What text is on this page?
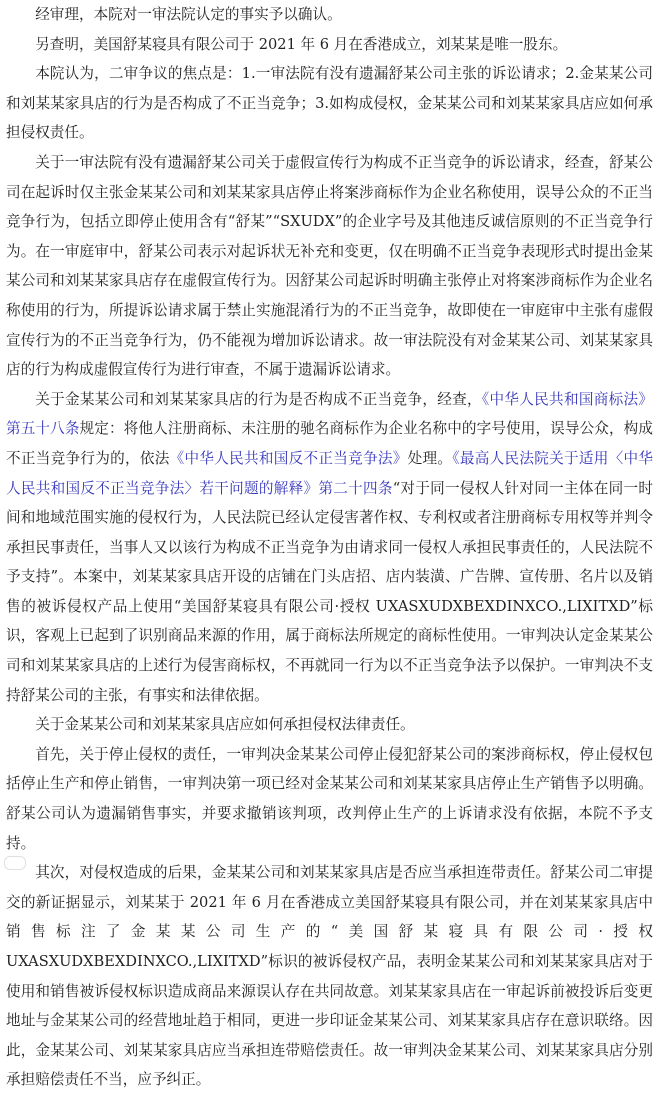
经审理，本院对一审法院认定的事实予以确认。

另查明，美国舒某寝具有限公司于 2021 年 6 月在香港成立，刘某某是唯一股东。

本院认为，二审争议的焦点是：1.一审法院有没有遗漏舒某公司主张的诉讼请求；2.金某某公司和刘某某家具店的行为是否构成了不正当竞争；3.如构成侵权，金某某公司和刘某某家具店应如何承担侵权责任。

关于一审法院有没有遗漏舒某公司关于虚假宣传行为构成不正当竞争的诉讼请求，经查，舒某公司在起诉时仅主张金某某公司和刘某某家具店停止将案涉商标作为企业名称使用，误导公众的不正当竞争行为，包括立即停止使用含有“舒某”“SXUDX”的企业字号及其他违反诚信原则的不正当竞争行为。在一审庭审中，舒某公司表示对起诉状无补充和变更，仅在明确不正当竞争表现形式时提出金某某公司和刘某某家具店存在虚假宣传行为。因舒某公司起诉时明确主张停止对将案涉商标作为企业名称使用的行为，所提诉讼请求属于禁止实施混淆行为的不正当竞争，故即使在一审庭审中主张有虚假宣传行为的不正当竞争行为，仍不能视为增加诉讼请求。故一审法院没有对金某某公司、刘某某家具店的行为构成虚假宣传行为进行审查，不属于遗漏诉讼请求。

关于金某某公司和刘某某家具店的行为是否构成不正当竞争，经查，《中华人民共和国商标法》第五十八条规定：将他人注册商标、未注册的驰名商标作为企业名称中的字号使用，误导公众，构成不正当竞争行为的，依法《中华人民共和国反不正当竞争法》处理。《最高人民法院关于适用〈中华人民共和国反不正当竞争法〉若干问题的解释》第二十四条“对于同一侵权人针对同一主体在同一时间和地域范围实施的侵权行为，人民法院已经认定侵害著作权、专利权或者注册商标专用权等并判令承担民事责任，当事人又以该行为构成不正当竞争为由请求同一侵权人承担民事责任的，人民法院不予支持”。本案中，刘某某家具店开设的店铺在门头店招、店内装潢、广告牌、宣传册、名片以及销售的被诉侵权产品上使用“美国舒某寝具有限公司·授权 UXASXUDXBEXDINXCO.,LIXITXD”标识，客观上已起到了识别商品来源的作用，属于商标法所规定的商标性使用。一审判决认定金某某公司和刘某某家具店的上述行为侵害商标权，不再就同一行为以不正当竞争法予以保护。一审判决不支持舒某公司的主张，有事实和法律依据。

关于金某某公司和刘某某家具店应如何承担侵权法律责任。

首先，关于停止侵权的责任，一审判决金某某公司停止侵犯舒某公司的案涉商标权，停止侵权包括停止生产和停止销售，一审判决第一项已经对金某某公司和刘某某家具店停止生产销售予以明确。舒某公司认为遗漏销售事实，并要求撤销该判项，改判停止生产的上诉请求没有依据，本院不予支持。

其次，对侵权造成的后果，金某某公司和刘某某家具店是否应当承担连带责任。舒某公司二审提交的新证据显示，刘某某于 2021 年 6 月在香港成立美国舒某寝具有限公司，并在刘某某家具店中销售标注了金某某公司生产的“美国舒某寝具有限公司·授权 UXASXUDXBEXDINXCO.,LIXITXD”标识的被诉侵权产品，表明金某某公司和刘某某家具店对于使用和销售被诉侵权标识造成商品来源误认存在共同故意。刘某某家具店在一审起诉前被投诉后变更地址与金某某公司的经营地址趋于相同，更进一步印证金某某公司、刘某某家具店存在意识联络。因此，金某某公司、刘某某家具店应当承担连带赔偿责任。故一审判决金某某公司、刘某某家具店分别承担赔偿责任不当，应予纠正。
